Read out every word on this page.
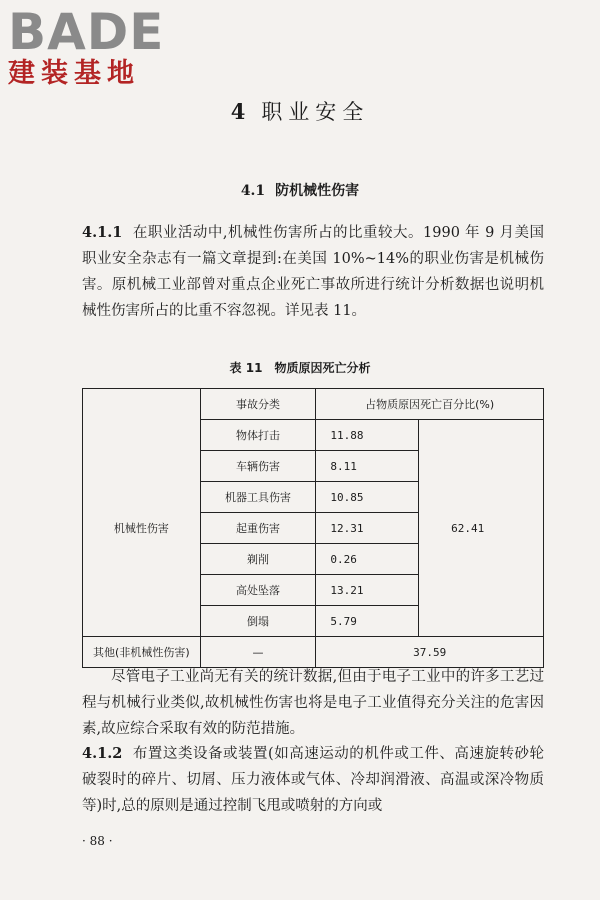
BADE
建装基地
4 职业安全
4.1 防机械性伤害
4.1.1 在职业活动中,机械性伤害所占的比重较大。1990 年 9 月美国职业安全杂志有一篇文章提到:在美国 10%~14%的职业伤害是机械伤害。原机械工业部曾对重点企业死亡事故所进行统计分析数据也说明机械性伤害所占的比重不容忽视。详见表 11。
表 11 物质原因死亡分析
	事故分类	占物质原因死亡百分比(%)	
机械性伤害	物体打击	11.88	62.41
	车辆伤害	8.11	
	机器工具伤害	10.85	
	起重伤害	12.31	
	剃削	0.26	
	高处坠落	13.21	
	倒塌	5.79	
其他(非机械性伤害)	—	37.59	
尽管电子工业尚无有关的统计数据,但由于电子工业中的许多工艺过程与机械行业类似,故机械性伤害也将是电子工业值得充分关注的危害因素,故应综合采取有效的防范措施。
4.1.2 布置这类设备或装置(如高速运动的机件或工件、高速旋转砂轮破裂时的碎片、切屑、压力液体或气体、冷却润滑液、高温或深冷物质等)时,总的原则是通过控制飞甩或喷射的方向或
· 88 ·
